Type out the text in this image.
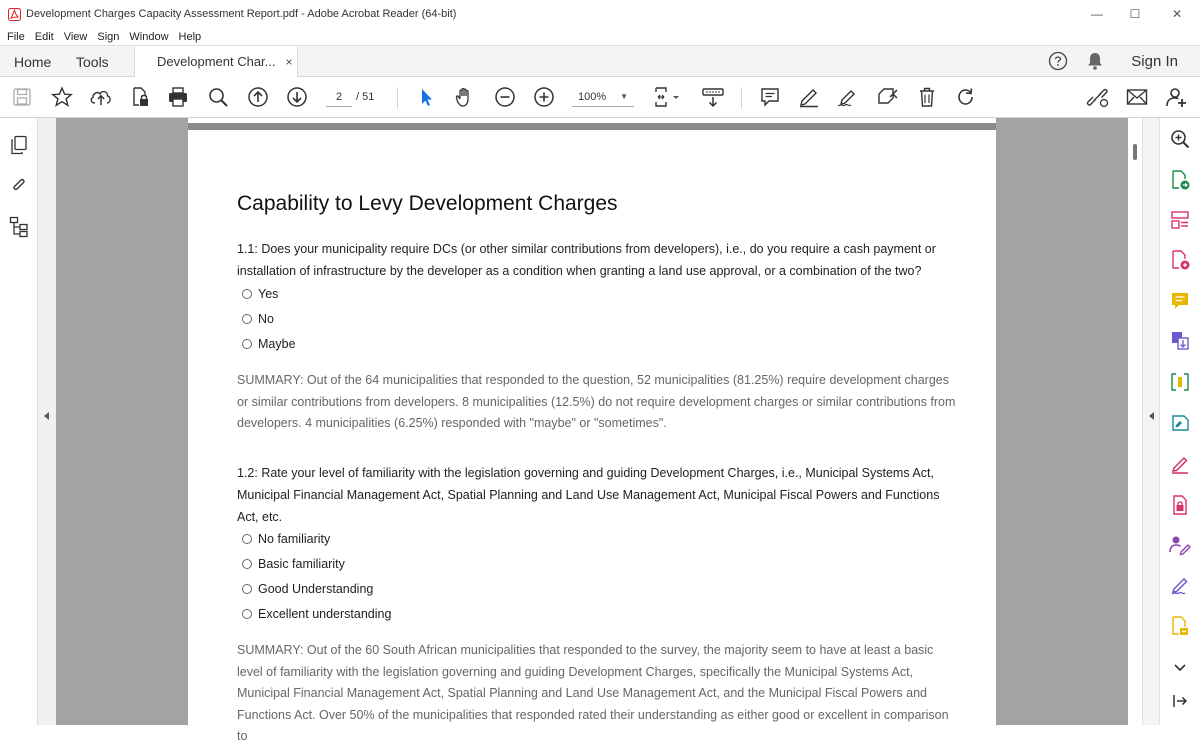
Development Charges Capacity Assessment Report.pdf - Adobe Acrobat Reader (64-bit)	—	☐	✕
File Edit View Sign Window Help
Home Tools	Development Char... ×	Sign In
2	/ 51	100% ▼
Capability to Levy Development Charges
1.1: Does your municipality require DCs (or other similar contributions from developers), i.e., do you require a cash payment or
installation of infrastructure by the developer as a condition when granting a land use approval, or a combination of the two?
Yes
No
Maybe
SUMMARY: Out of the 64 municipalities that responded to the question, 52 municipalities (81.25%) require development charges
or similar contributions from developers. 8 municipalities (12.5%) do not require development charges or similar contributions from
developers. 4 municipalities (6.25%) responded with "maybe" or "sometimes".
1.2: Rate your level of familiarity with the legislation governing and guiding Development Charges, i.e., Municipal Systems Act,
Municipal Financial Management Act, Spatial Planning and Land Use Management Act, Municipal Fiscal Powers and Functions
Act, etc.
No familiarity
Basic familiarity
Good Understanding
Excellent understanding
SUMMARY: Out of the 60 South African municipalities that responded to the survey, the majority seem to have at least a basic
level of familiarity with the legislation governing and guiding Development Charges, specifically the Municipal Systems Act,
Municipal Financial Management Act, Spatial Planning and Land Use Management Act, and the Municipal Fiscal Powers and
Functions Act. Over 50% of the municipalities that responded rated their understanding as either good or excellent in comparison to
